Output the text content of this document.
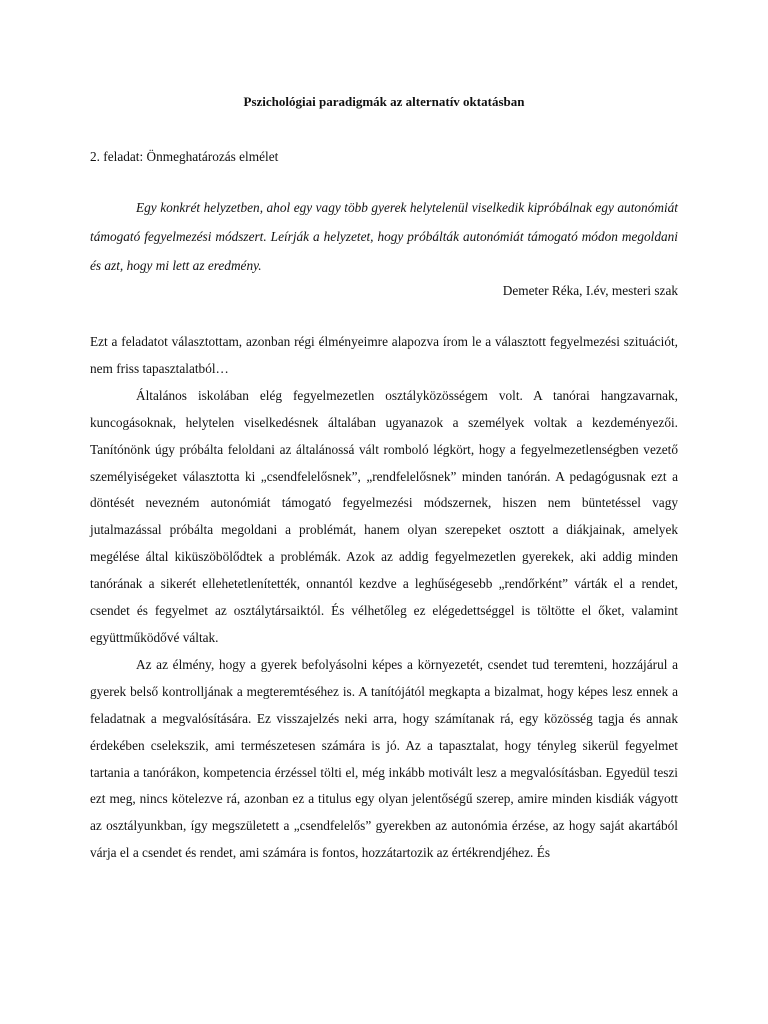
Pszichológiai paradigmák az alternatív oktatásban

2. feladat: Önmeghatározás elmélet

Egy konkrét helyzetben, ahol egy vagy több gyerek helytelenül viselkedik kipróbálnak egy autonómiát támogató fegyelmezési módszert. Leírják a helyzetet, hogy próbálták autonómiát támogató módon megoldani és azt, hogy mi lett az eredmény.

Demeter Réka, I.év, mesteri szak

Ezt a feladatot választottam, azonban régi élményeimre alapozva írom le a választott fegyelmezési szituációt, nem friss tapasztalatból…

Általános iskolában elég fegyelmezetlen osztályközösségem volt. A tanórai hangzavarnak, kuncogásoknak, helytelen viselkedésnek általában ugyanazok a személyek voltak a kezdeményezői. Tanítónönk úgy próbálta feloldani az általánossá vált romboló légkört, hogy a fegyelmezetlenségben vezető személyiségeket választotta ki „csendfelelősnek”, „rendfelelősnek” minden tanórán. A pedagógusnak ezt a döntését nevezném autonómiát támogató fegyelmezési módszernek, hiszen nem büntetéssel vagy jutalmazással próbálta megoldani a problémát, hanem olyan szerepeket osztott a diákjainak, amelyek megélése által kiküszöbölődtek a problémák. Azok az addig fegyelmezetlen gyerekek, aki addig minden tanórának a sikerét ellehetetlenítették, onnantól kezdve a leghűségesebb „rendőrként” várták el a rendet, csendet és fegyelmet az osztálytársaiktól. És vélhetőleg ez elégedettséggel is töltötte el őket, valamint együttműködővé váltak.

Az az élmény, hogy a gyerek befolyásolni képes a környezetét, csendet tud teremteni, hozzájárul a gyerek belső kontrolljának a megteremtéséhez is. A tanítójától megkapta a bizalmat, hogy képes lesz ennek a feladatnak a megvalósítására. Ez visszajelzés neki arra, hogy számítanak rá, egy közösség tagja és annak érdekében cselekszik, ami természetesen számára is jó. Az a tapasztalat, hogy tényleg sikerül fegyelmet tartania a tanórákon, kompetencia érzéssel tölti el, még inkább motivált lesz a megvalósításban. Egyedül teszi ezt meg, nincs kötelezve rá, azonban ez a titulus egy olyan jelentőségű szerep, amire minden kisdiák vágyott az osztályunkban, így megszületett a „csendfelelős” gyerekben az autonómia érzése, az hogy saját akartából várja el a csendet és rendet, ami számára is fontos, hozzátartozik az értékrendjéhez. És
